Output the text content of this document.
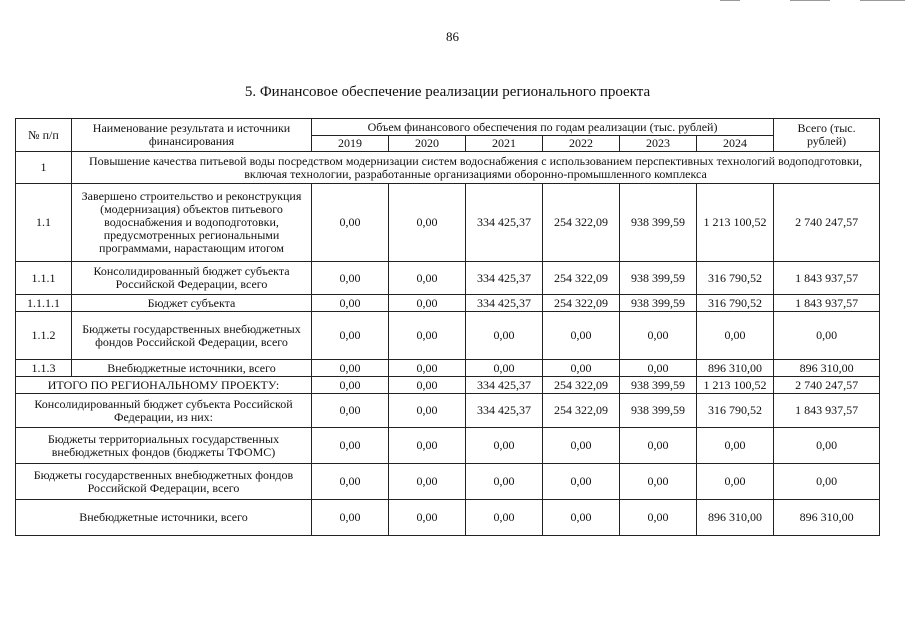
86
5. Финансовое обеспечение реализации регионального проекта
№ п/п	Наименование результата и источники финансирования	Объем финансового обеспечения по годам реализации (тыс. рублей)						Всего (тыс. рублей)
		2019	2020	2021	2022	2023	2024	
1	Повышение качества питьевой воды посредством модернизации систем водоснабжения с использованием перспективных технологий водоподготовки, включая технологии, разработанные организациями оборонно-промышленного комплекса							
1.1	Завершено строительство и реконструкция (модернизация) объектов питьевого водоснабжения и водоподготовки, предусмотренных региональными программами, нарастающим итогом	0,00	0,00	334 425,37	254 322,09	938 399,59	1 213 100,52	2 740 247,57
1.1.1	Консолидированный бюджет субъекта Российской Федерации, всего	0,00	0,00	334 425,37	254 322,09	938 399,59	316 790,52	1 843 937,57
1.1.1.1	Бюджет субъекта	0,00	0,00	334 425,37	254 322,09	938 399,59	316 790,52	1 843 937,57
1.1.2	Бюджеты государственных внебюджетных фондов Российской Федерации, всего	0,00	0,00	0,00	0,00	0,00	0,00	0,00
1.1.3	Внебюджетные источники, всего	0,00	0,00	0,00	0,00	0,00	896 310,00	896 310,00
ИТОГО ПО РЕГИОНАЛЬНОМУ ПРОЕКТУ:		0,00	0,00	334 425,37	254 322,09	938 399,59	1 213 100,52	2 740 247,57
Консолидированный бюджет субъекта Российской Федерации, из них:		0,00	0,00	334 425,37	254 322,09	938 399,59	316 790,52	1 843 937,57
Бюджеты территориальных государственных внебюджетных фондов (бюджеты ТФОМС)		0,00	0,00	0,00	0,00	0,00	0,00	0,00
Бюджеты государственных внебюджетных фондов Российской Федерации, всего		0,00	0,00	0,00	0,00	0,00	0,00	0,00
Внебюджетные источники, всего		0,00	0,00	0,00	0,00	0,00	896 310,00	896 310,00
